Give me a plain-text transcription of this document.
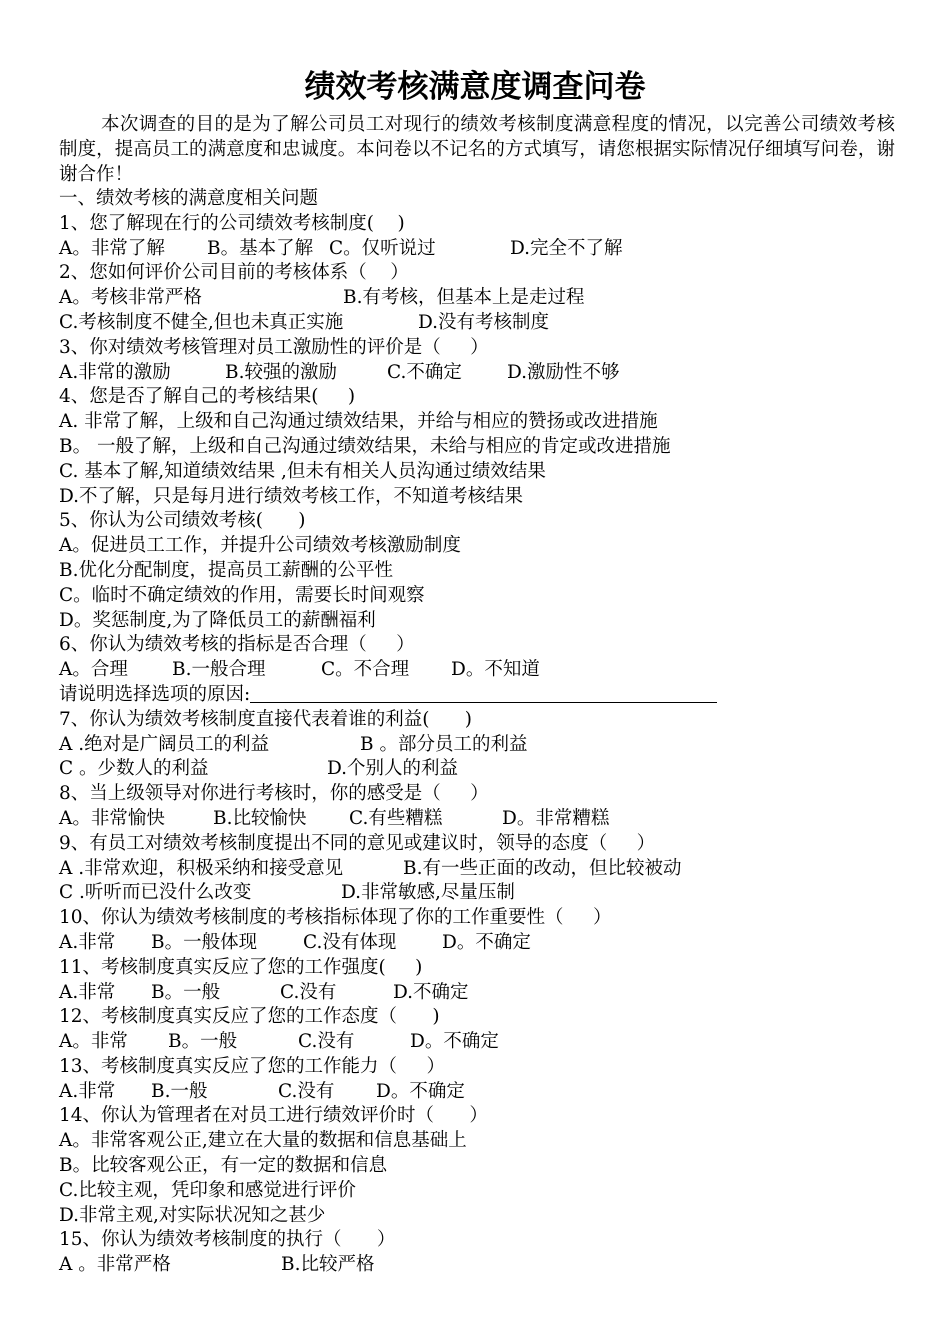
绩效考核满意度调查问卷

本次调查的目的是为了解公司员工对现行的绩效考核制度满意程度的情况，以完善公司绩效考核制度，提高员工的满意度和忠诚度。本问卷以不记名的方式填写，请您根据实际情况仔细填写问卷，谢谢合作！

一、绩效考核的满意度相关问题
1、您了解现在行的公司绩效考核制度(    )
A。非常了解 B。基本了解 C。仅听说过	D.完全不了解
2、您如何评价公司目前的考核体系（    ）
A。考核非常严格	B.有考核，但基本上是走过程
C.考核制度不健全,但也未真正实施	D.没有考核制度
3、你对绩效考核管理对员工激励性的评价是（     ）
A.非常的激励	B.较强的激励	C.不确定 D.激励性不够
4、您是否了解自己的考核结果(     )
A. 非常了解，上级和自己沟通过绩效结果，并给与相应的赞扬或改进措施
B。 一般了解，上级和自己沟通过绩效结果，未给与相应的肯定或改进措施
C. 基本了解,知道绩效结果 ,但未有相关人员沟通过绩效结果
D.不了解，只是每月进行绩效考核工作，不知道考核结果
5、你认为公司绩效考核(      )
A。促进员工工作，并提升公司绩效考核激励制度
B.优化分配制度，提高员工薪酬的公平性
C。临时不确定绩效的作用，需要长时间观察
D。奖惩制度,为了降低员工的薪酬福利
6、你认为绩效考核的指标是否合理（     ）
A。合理 B.一般合理	C。不合理 D。不知道
请说明选择选项的原因:
7、你认为绩效考核制度直接代表着谁的利益(      )
A .绝对是广阔员工的利益	B 。部分员工的利益
C 。少数人的利益	D.个别人的利益
8、当上级领导对你进行考核时，你的感受是（     ）
A。非常愉快	B.比较愉快 C.有些糟糕	D。非常糟糕
9、有员工对绩效考核制度提出不同的意见或建议时，领导的态度（     ）
A .非常欢迎，积极采纳和接受意见	B.有一些正面的改动，但比较被动
C .听听而已没什么改变	D.非常敏感,尽量压制
10、你认为绩效考核制度的考核指标体现了你的工作重要性（     ）
A.非常 B。一般体现 C.没有体现 D。不确定
11、考核制度真实反应了您的工作强度(     )
A.非常 B。一般	C.没有	D.不确定
12、考核制度真实反应了您的工作态度（      )
A。非常 B。一般	C.没有	D。不确定
13、考核制度真实反应了您的工作能力（     ）
A.非常 B.一般	C.没有 D。不确定
14、你认为管理者在对员工进行绩效评价时（      ）
A。非常客观公正,建立在大量的数据和信息基础上
B。比较客观公正，有一定的数据和信息
C.比较主观，凭印象和感觉进行评价
D.非常主观,对实际状况知之甚少
15、你认为绩效考核制度的执行（      ）
A 。非常严格	B.比较严格
